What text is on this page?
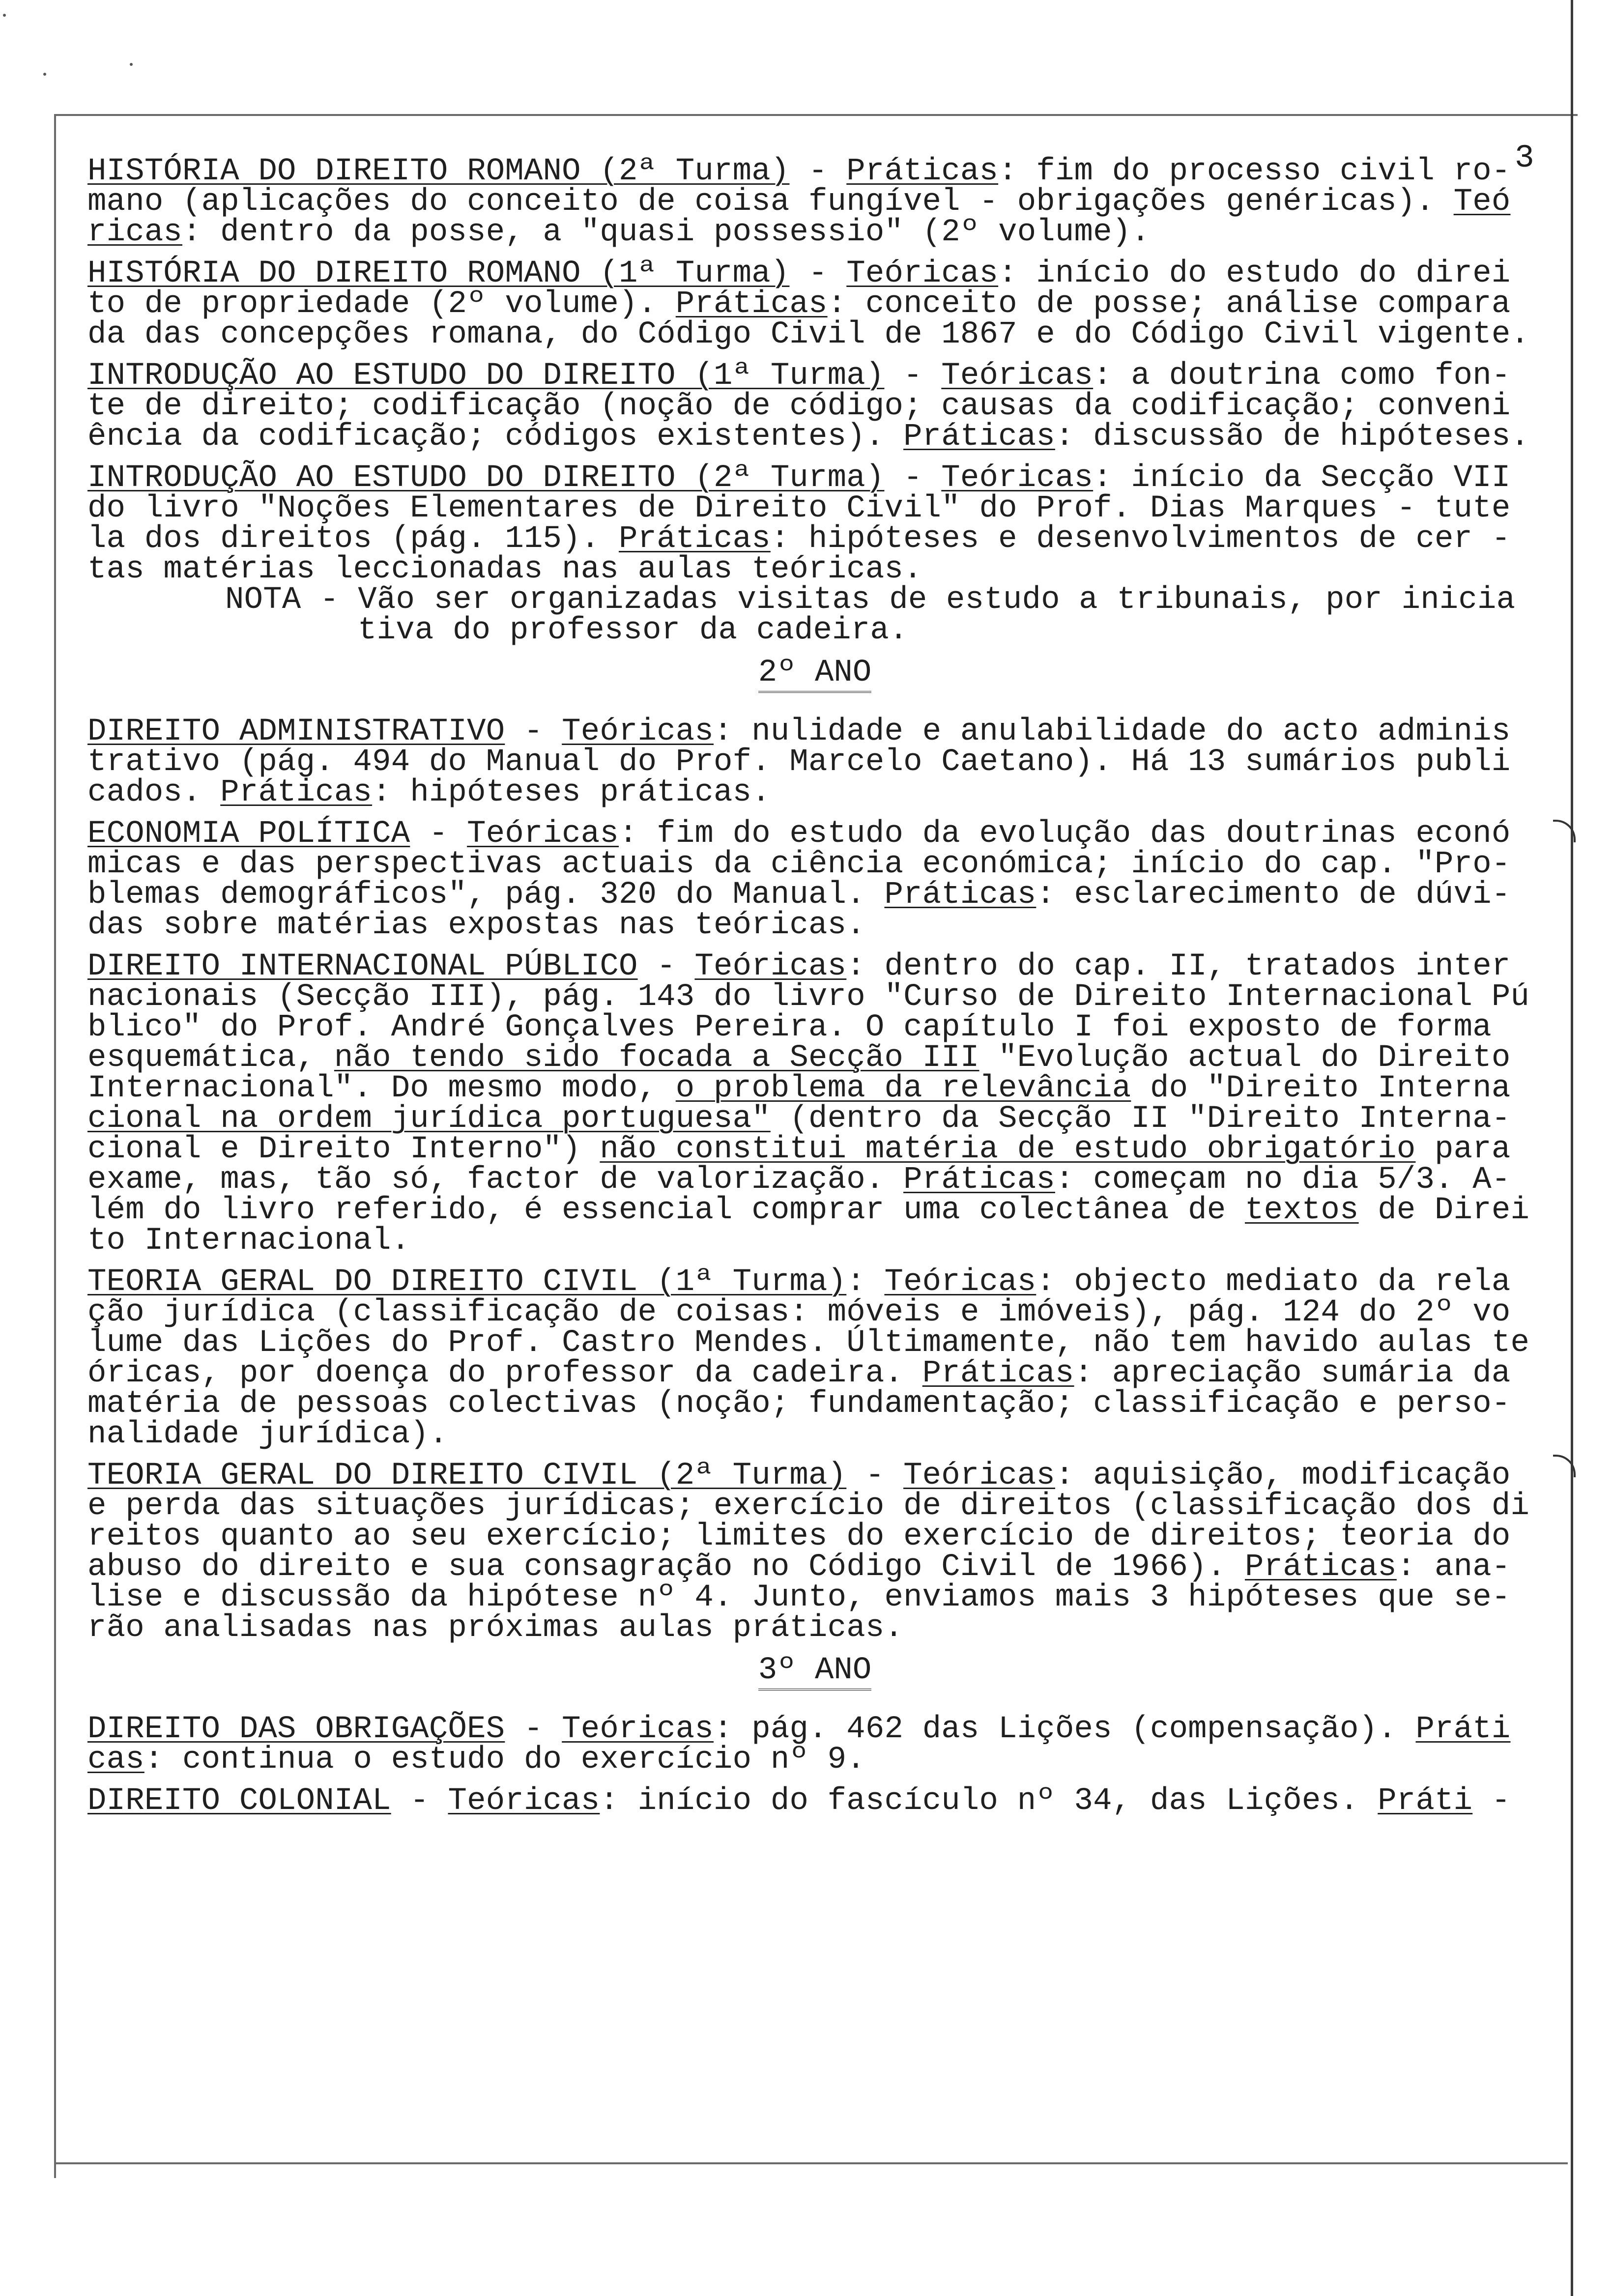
3
HISTÓRIA DO DIREITO ROMANO (2ª Turma) - Práticas: fim do processo civil ro-
mano (aplicações do conceito de coisa fungível - obrigações genéricas). Teó
ricas: dentro da posse, a "quasi possessio" (2º volume).
HISTÓRIA DO DIREITO ROMANO (1ª Turma) - Teóricas: início do estudo do direi
to de propriedade (2º volume). Práticas: conceito de posse; análise compara
da das concepções romana, do Código Civil de 1867 e do Código Civil vigente.
INTRODUÇÃO AO ESTUDO DO DIREITO (1ª Turma) - Teóricas: a doutrina como fon-
te de direito; codificação (noção de código; causas da codificação; conveni
ência da codificação; códigos existentes). Práticas: discussão de hipóteses.
INTRODUÇÃO AO ESTUDO DO DIREITO (2ª Turma) - Teóricas: início da Secção VII
do livro "Noções Elementares de Direito Civil" do Prof. Dias Marques - tute
la dos direitos (pág. 115). Práticas: hipóteses e desenvolvimentos de cer -
tas matérias leccionadas nas aulas teóricas.
NOTA - Vão ser organizadas visitas de estudo a tribunais, por inicia
tiva do professor da cadeira.
2º ANO
DIREITO ADMINISTRATIVO - Teóricas: nulidade e anulabilidade do acto adminis
trativo (pág. 494 do Manual do Prof. Marcelo Caetano). Há 13 sumários publi
cados. Práticas: hipóteses práticas.
ECONOMIA POLÍTICA - Teóricas: fim do estudo da evolução das doutrinas econó
micas e das perspectivas actuais da ciência económica; início do cap. "Pro-
blemas demográficos", pág. 320 do Manual. Práticas: esclarecimento de dúvi-
das sobre matérias expostas nas teóricas.
DIREITO INTERNACIONAL PÚBLICO - Teóricas: dentro do cap. II, tratados inter
nacionais (Secção III), pág. 143 do livro "Curso de Direito Internacional Pú
blico" do Prof. André Gonçalves Pereira. O capítulo I foi exposto de forma
esquemática, não tendo sido focada a Secção III "Evolução actual do Direito
Internacional". Do mesmo modo, o problema da relevância do "Direito Interna
cional na ordem jurídica portuguesa" (dentro da Secção II "Direito Interna-
cional e Direito Interno") não constitui matéria de estudo obrigatório para
exame, mas, tão só, factor de valorização. Práticas: começam no dia 5/3. A-
lém do livro referido, é essencial comprar uma colectânea de textos de Direi
to Internacional.
TEORIA GERAL DO DIREITO CIVIL (1ª Turma): Teóricas: objecto mediato da rela
ção jurídica (classificação de coisas: móveis e imóveis), pág. 124 do 2º vo
lume das Lições do Prof. Castro Mendes. Últimamente, não tem havido aulas te
óricas, por doença do professor da cadeira. Práticas: apreciação sumária da
matéria de pessoas colectivas (noção; fundamentação; classificação e perso-
nalidade jurídica).
TEORIA GERAL DO DIREITO CIVIL (2ª Turma) - Teóricas: aquisição, modificação
e perda das situações jurídicas; exercício de direitos (classificação dos di
reitos quanto ao seu exercício; limites do exercício de direitos; teoria do
abuso do direito e sua consagração no Código Civil de 1966). Práticas: ana-
lise e discussão da hipótese nº 4. Junto, enviamos mais 3 hipóteses que se-
rão analisadas nas próximas aulas práticas.
3º ANO
DIREITO DAS OBRIGAÇÕES - Teóricas: pág. 462 das Lições (compensação). Práti
cas: continua o estudo do exercício nº 9.
DIREITO COLONIAL - Teóricas: início do fascículo nº 34, das Lições. Práti -
